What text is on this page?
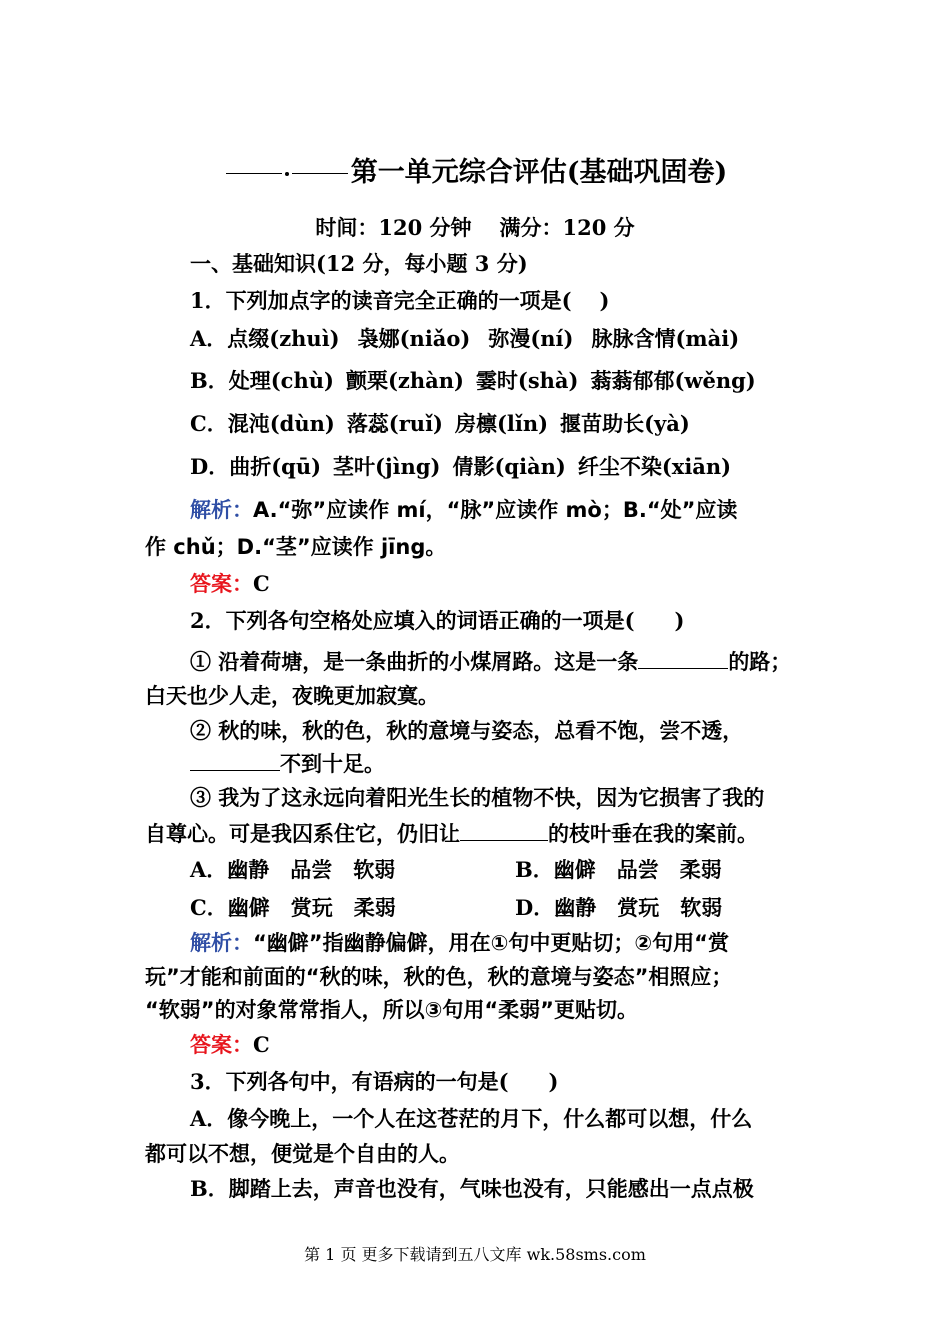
第一单元综合评估(基础巩固卷)
时间：120 分钟 满分：120 分
一、基础知识(12 分，每小题 3 分)
1．下列加点字的读音完全正确的一项是( )
A．点缀(zhuì) 袅娜(niǎo) 弥漫(ní) 脉脉含情(mài)
B．处理(chù) 颤栗(zhàn) 霎时(shà) 蓊蓊郁郁(wěng)
C．混沌(dùn) 落蕊(ruǐ) 房檩(lǐn) 揠苗助长(yà)
D．曲折(qū) 茎叶(jìng) 倩影(qiàn) 纤尘不染(xiān)
解析：A.“弥”应读作 mí，“脉”应读作 mò；B.“处”应读
作 chǔ；D.“茎”应读作 jīng。
答案：C
2．下列各句空格处应填入的词语正确的一项是( )
① 沿着荷塘，是一条曲折的小煤屑路。这是一条	的路；
白天也少人走，夜晚更加寂寞。
② 秋的味，秋的色，秋的意境与姿态，总看不饱，尝不透，
不到十足。
③ 我为了这永远向着阳光生长的植物不快，因为它损害了我的
自尊心。可是我囚系住它，仍旧让	的枝叶垂在我的案前。
A．幽静　品尝　软弱	B．幽僻　品尝　柔弱
C．幽僻　赏玩　柔弱	D．幽静　赏玩　软弱
解析：“幽僻”指幽静偏僻，用在①句中更贴切；②句用“赏
玩”才能和前面的“秋的味，秋的色，秋的意境与姿态”相照应；
“软弱”的对象常常指人，所以③句用“柔弱”更贴切。
答案：C
3．下列各句中，有语病的一句是( )
A．像今晚上，一个人在这苍茫的月下，什么都可以想，什么
都可以不想，便觉是个自由的人。
B．脚踏上去，声音也没有，气味也没有，只能感出一点点极
第 1 页 更多下载请到五八文库 wk.58sms.com
